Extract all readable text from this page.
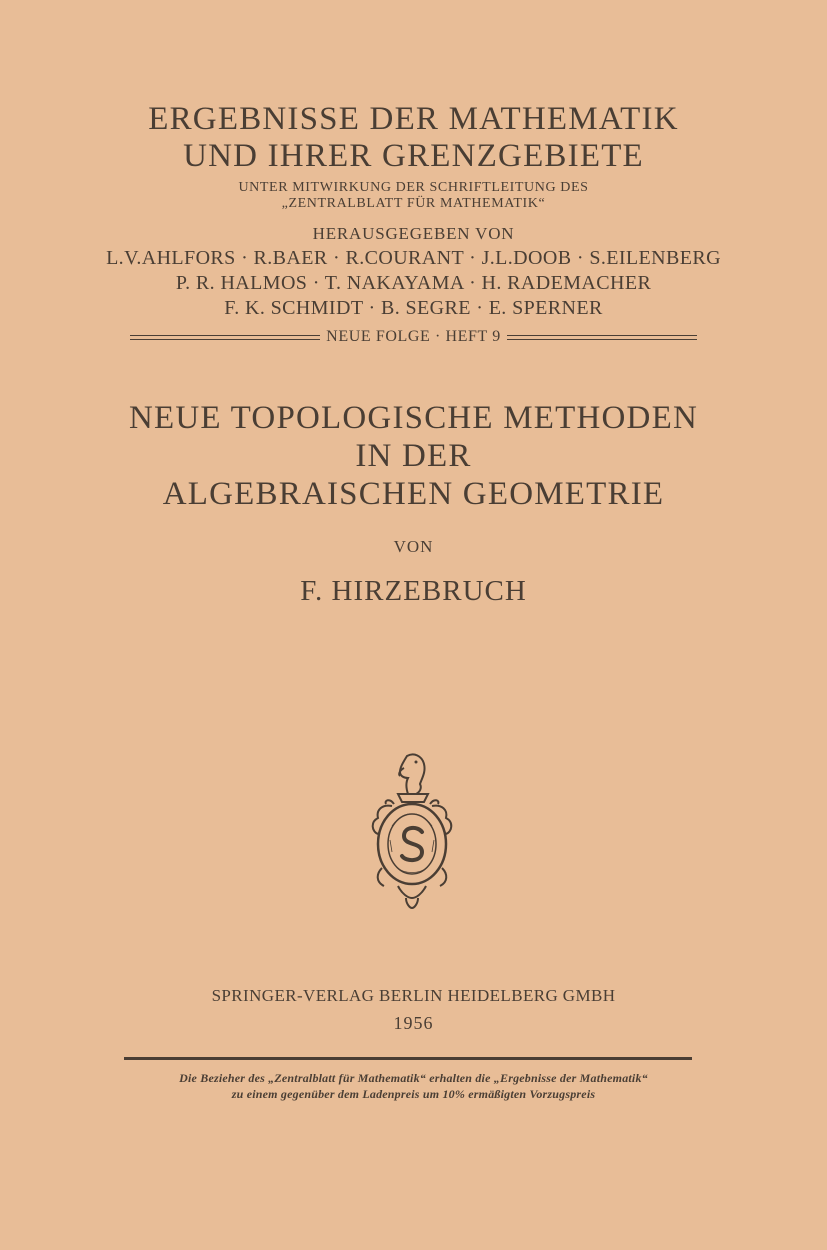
ERGEBNISSE DER MATHEMATIK
UND IHRER GRENZGEBIETE
UNTER MITWIRKUNG DER SCHRIFTLEITUNG DES
„ZENTRALBLATT FÜR MATHEMATIK“
HERAUSGEGEBEN VON
L.V.AHLFORS · R.BAER · R.COURANT · J.L.DOOB · S.EILENBERG
P. R. HALMOS · T. NAKAYAMA · H. RADEMACHER
F. K. SCHMIDT · B. SEGRE · E. SPERNER
NEUE FOLGE · HEFT 9
NEUE TOPOLOGISCHE METHODEN
IN DER
ALGEBRAISCHEN GEOMETRIE
VON
F. HIRZEBRUCH
SPRINGER-VERLAG BERLIN HEIDELBERG GMBH
1956
Die Bezieher des „Zentralblatt für Mathematik“ erhalten die „Ergebnisse der Mathematik“
zu einem gegenüber dem Ladenpreis um 10% ermäßigten Vorzugspreis
